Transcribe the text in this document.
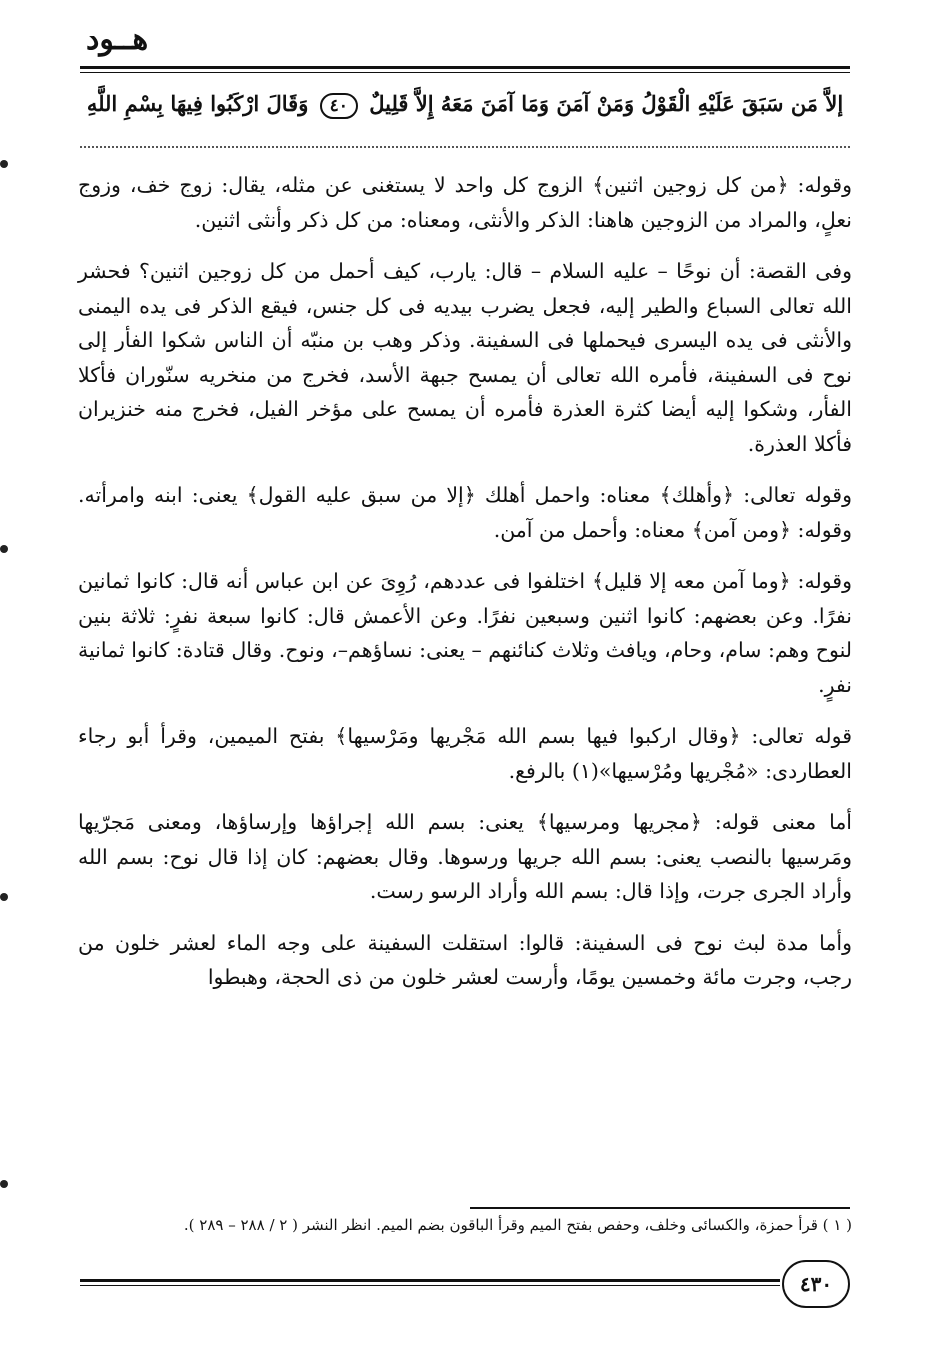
هــود
إلاَّ مَن سَبَقَ عَلَيْهِ الْقَوْلُ وَمَنْ آمَنَ وَمَا آمَنَ مَعَهُ إِلاَّ قَلِيلٌ ٤٠ وَقَالَ ارْكَبُوا فِيهَا بِسْمِ اللَّهِ

وقوله: ﴿من كل زوجين اثنين﴾ الزوج كل واحد لا يستغنى عن مثله، يقال: زوج خف، وزوج نعلٍ، والمراد من الزوجين هاهنا: الذكر والأنثى، ومعناه: من كل ذكر وأنثى اثنين.

وفى القصة: أن نوحًا – عليه السلام – قال: يارب، كيف أحمل من كل زوجين اثنين؟ فحشر الله تعالى السباع والطير إليه، فجعل يضرب بيديه فى كل جنس، فيقع الذكر فى يده اليمنى والأنثى فى يده اليسرى فيحملها فى السفينة. وذكر وهب بن منبّه أن الناس شكوا الفأر إلى نوح فى السفينة، فأمره الله تعالى أن يمسح جبهة الأسد، فخرج من منخريه سنّوران فأكلا الفأر، وشكوا إليه أيضا كثرة العذرة فأمره أن يمسح على مؤخر الفيل، فخرج منه خنزيران فأكلا العذرة.

وقوله تعالى: ﴿وأهلك﴾ معناه: واحمل أهلك ﴿إلا من سبق عليه القول﴾ يعنى: ابنه وامرأته. وقوله: ﴿ومن آمن﴾ معناه: وأحمل من آمن.

وقوله: ﴿وما آمن معه إلا قليل﴾ اختلفوا فى عددهم، رُوِىَ عن ابن عباس أنه قال: كانوا ثمانين نفرًا. وعن بعضهم: كانوا اثنين وسبعين نفرًا. وعن الأعمش قال: كانوا سبعة نفرٍ: ثلاثة بنين لنوح وهم: سام، وحام، ويافث وثلاث كنائنهم – يعنى: نساؤهم–، ونوح. وقال قتادة: كانوا ثمانية نفرٍ.

قوله تعالى: ﴿وقال اركبوا فيها بسم الله مَجْريها ومَرْسيها﴾ بفتح الميمين، وقرأ أبو رجاء العطاردى: «مُجْريها ومُرْسيها»(١) بالرفع.

أما معنى قوله: ﴿مجريها ومرسيها﴾ يعنى: بسم الله إجراؤها وإرساؤها، ومعنى مَجرّيها ومَرسيها بالنصب يعنى: بسم الله جريها ورسوها. وقال بعضهم: كان إذا قال نوح: بسم الله وأراد الجرى جرت، وإذا قال: بسم الله وأراد الرسو رست.

وأما مدة لبث نوح فى السفينة: قالوا: استقلت السفينة على وجه الماء لعشر خلون من رجب، وجرت مائة وخمسين يومًا، وأرست لعشر خلون من ذى الحجة، وهبطوا

( ١ ) قرأ حمزة، والكسائى وخلف، وحفص بفتح الميم وقرأ الباقون بضم الميم. انظر النشر ( ٢ / ٢٨٨ – ٢٨٩ ).
٤٣٠
